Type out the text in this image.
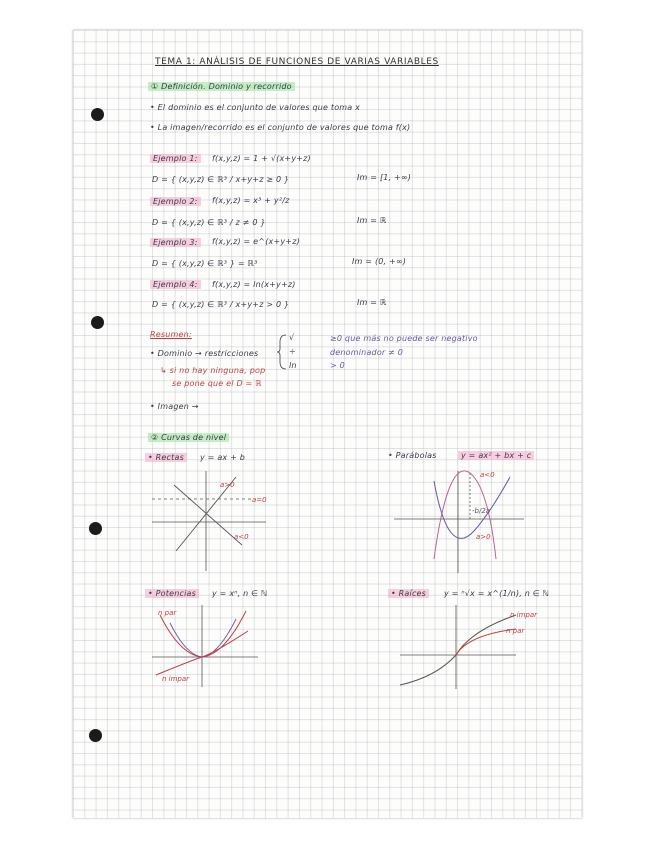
TEMA 1: ANÁLISIS DE FUNCIONES DE VARIAS VARIABLES
① Definición. Dominio y recorrido
• El dominio es el conjunto de valores que toma x
• La imagen/recorrido es el conjunto de valores que toma f(x)
Ejemplo 1:	f(x,y,z) = 1 + √(x+y+z)
D = { (x,y,z) ∈ ℝ³ / x+y+z ≥ 0 }	Im = [1, +∞)
Ejemplo 2:	f(x,y,z) = x³ + y²/z
D = { (x,y,z) ∈ ℝ³ / z ≠ 0 }	Im = ℝ
Ejemplo 3:	f(x,y,z) = e^(x+y+z)
D = { (x,y,z) ∈ ℝ³ } = ℝ³	Im = (0, +∞)
Ejemplo 4:	f(x,y,z) = ln(x+y+z)
D = { (x,y,z) ∈ ℝ³ / x+y+z > 0 }	Im = ℝ
Resumen:
• Dominio → restricciones
√	≥0 que más no puede ser negativo
÷	denominador ≠ 0
ln	> 0
↳ si no hay ninguna, pop
se pone que el D = ℝ
• Imagen →
② Curvas de nivel
• Rectas	y = ax + b
a>0
a=0
a<0
• Parábolas	y = ax² + bx + c
a<0
-b/2a
a>0
• Potencias	y = xⁿ, n ∈ ℕ
n par
n impar
• Raíces	y = ⁿ√x = x^(1/n), n ∈ ℕ
n impar
n par
